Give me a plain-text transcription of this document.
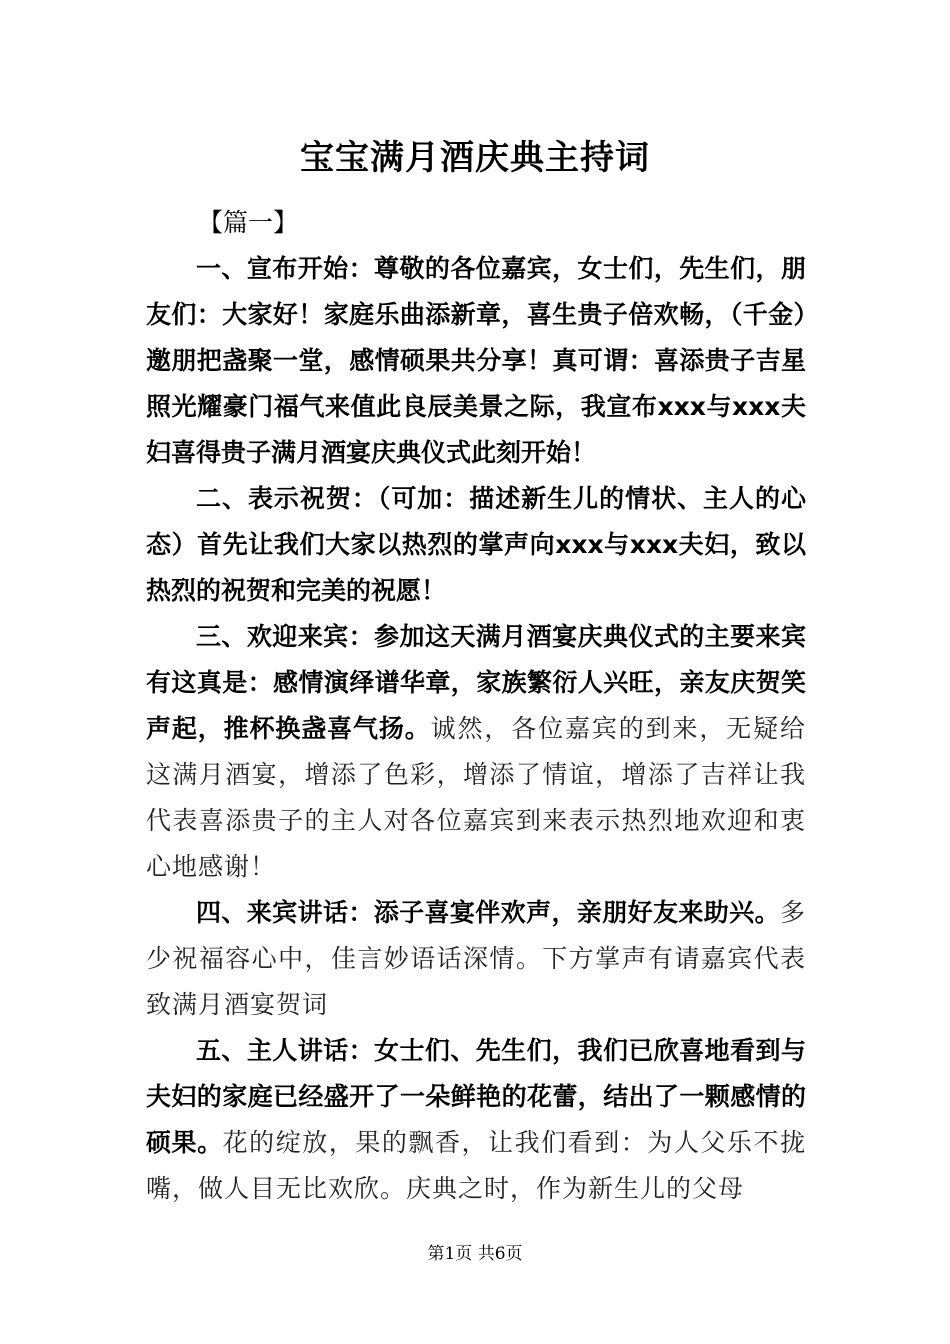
宝宝满月酒庆典主持词
【篇一】

一、宣布开始：尊敬的各位嘉宾，女士们，先生们，朋友们：大家好！家庭乐曲添新章，喜生贵子倍欢畅，（千金）邀朋把盏聚一堂，感情硕果共分享！真可谓：喜添贵子吉星照光耀豪门福气来值此良辰美景之际，我宣布xxx与xxx夫妇喜得贵子满月酒宴庆典仪式此刻开始！

二、表示祝贺：（可加：描述新生儿的情状、主人的心态）首先让我们大家以热烈的掌声向xxx与xxx夫妇，致以热烈的祝贺和完美的祝愿！

三、欢迎来宾：参加这天满月酒宴庆典仪式的主要来宾有这真是：感情演绎谱华章，家族繁衍人兴旺，亲友庆贺笑声起，推杯换盏喜气扬。诚然，各位嘉宾的到来，无疑给这满月酒宴，增添了色彩，增添了情谊，增添了吉祥让我代表喜添贵子的主人对各位嘉宾到来表示热烈地欢迎和衷心地感谢！

四、来宾讲话：添子喜宴伴欢声，亲朋好友来助兴。多少祝福容心中，佳言妙语话深情。下方掌声有请嘉宾代表致满月酒宴贺词

五、主人讲话：女士们、先生们，我们已欣喜地看到与夫妇的家庭已经盛开了一朵鲜艳的花蕾，结出了一颗感情的硕果。花的绽放，果的飘香，让我们看到：为人父乐不拢嘴，做人目无比欢欣。庆典之时，作为新生儿的父母

第1页 共6页
